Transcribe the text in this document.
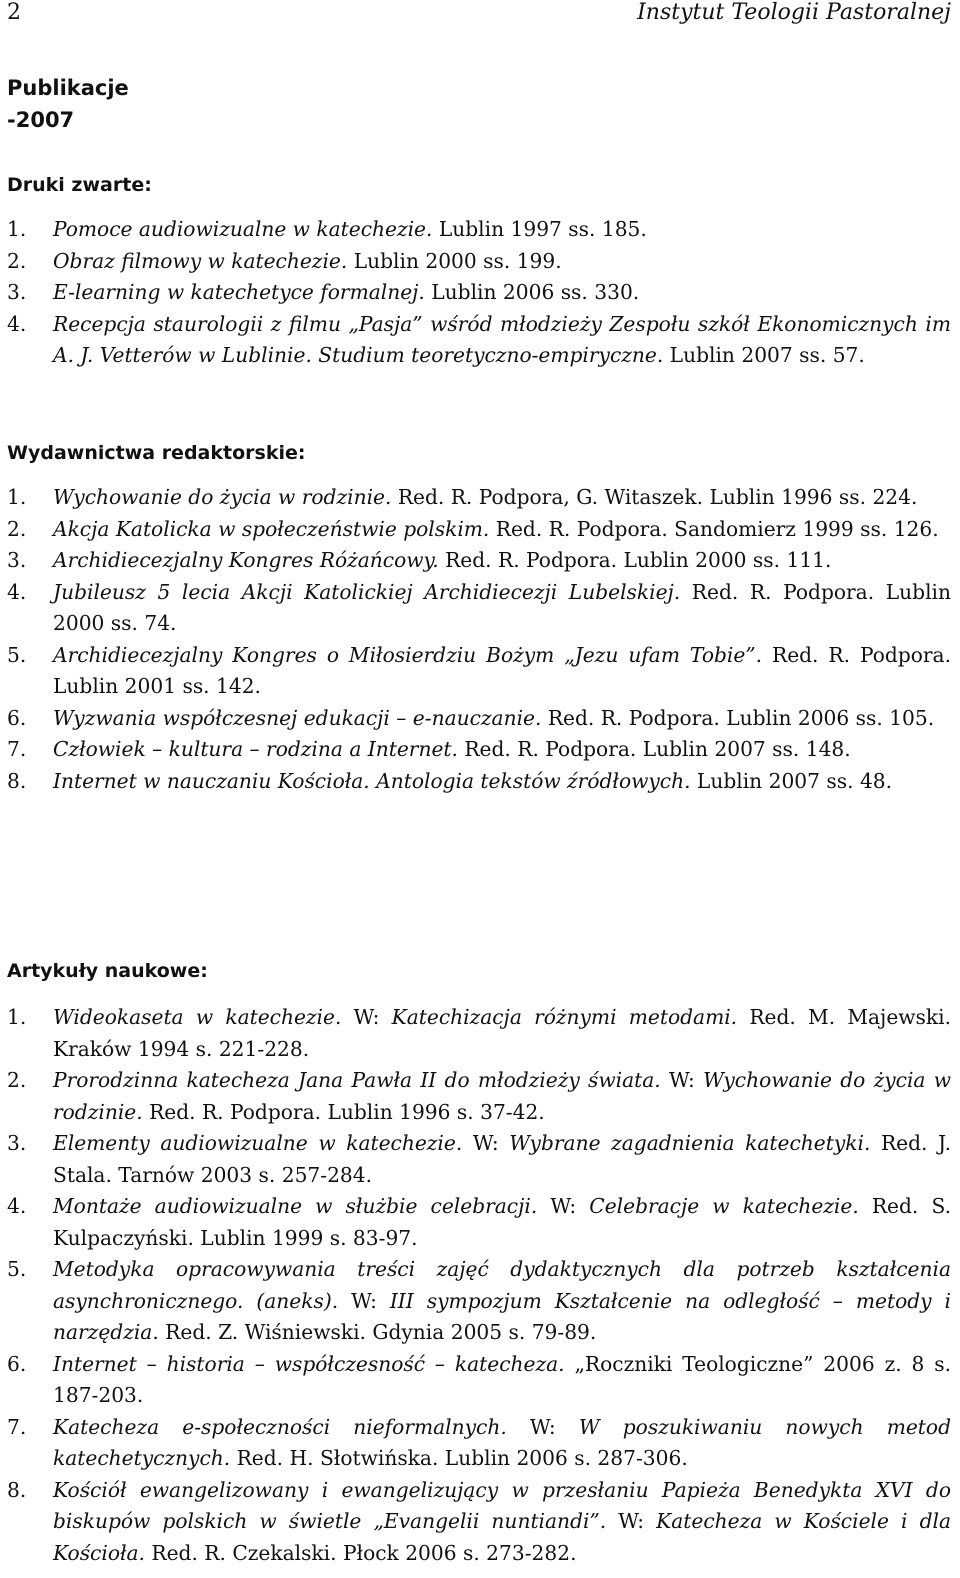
2	Instytut Teologii Pastoralnej
Publikacje
-2007
Druki zwarte:
1.	Pomoce audiowizualne w katechezie. Lublin 1997 ss. 185.
2.	Obraz filmowy w katechezie. Lublin 2000 ss. 199.
3.	E-learning w katechetyce formalnej. Lublin 2006 ss. 330.
4.	Recepcja staurologii z filmu „Pasja” wśród młodzieży Zespołu szkół Ekonomicznych im A. J. Vetterów w Lublinie. Studium teoretyczno-empiryczne. Lublin 2007 ss. 57.
Wydawnictwa redaktorskie:
1.	Wychowanie do życia w rodzinie. Red. R. Podpora, G. Witaszek. Lublin 1996 ss. 224.
2.	Akcja Katolicka w społeczeństwie polskim. Red. R. Podpora. Sandomierz 1999 ss. 126.
3.	Archidiecezjalny Kongres Różańcowy. Red. R. Podpora. Lublin 2000 ss. 111.
4.	Jubileusz 5 lecia Akcji Katolickiej Archidiecezji Lubelskiej. Red. R. Podpora. Lublin 2000 ss. 74.
5.	Archidiecezjalny Kongres o Miłosierdziu Bożym „Jezu ufam Tobie”. Red. R. Podpora. Lublin 2001 ss. 142.
6.	Wyzwania współczesnej edukacji – e-nauczanie. Red. R. Podpora. Lublin 2006 ss. 105.
7.	Człowiek – kultura – rodzina a Internet. Red. R. Podpora. Lublin 2007 ss. 148.
8.	Internet w nauczaniu Kościoła. Antologia tekstów źródłowych. Lublin 2007 ss. 48.
Artykuły naukowe:
1.	Wideokaseta w katechezie. W: Katechizacja różnymi metodami. Red. M. Majewski. Kraków 1994 s. 221-228.
2.	Prorodzinna katecheza Jana Pawła II do młodzieży świata. W: Wychowanie do życia w rodzinie. Red. R. Podpora. Lublin 1996 s. 37-42.
3.	Elementy audiowizualne w katechezie. W: Wybrane zagadnienia katechetyki. Red. J. Stala. Tarnów 2003 s. 257-284.
4.	Montaże audiowizualne w służbie celebracji. W: Celebracje w katechezie. Red. S. Kulpaczyński. Lublin 1999 s. 83-97.
5.	Metodyka opracowywania treści zajęć dydaktycznych dla potrzeb kształcenia asynchronicznego. (aneks). W: III sympozjum Kształcenie na odległość – metody i narzędzia. Red. Z. Wiśniewski. Gdynia 2005 s. 79-89.
6.	Internet – historia – współczesność – katecheza. „Roczniki Teologiczne” 2006 z. 8 s. 187-203.
7.	Katecheza e-społeczności nieformalnych. W: W poszukiwaniu nowych metod katechetycznych. Red. H. Słotwińska. Lublin 2006 s. 287-306.
8.	Kościół ewangelizowany i ewangelizujący w przesłaniu Papieża Benedykta XVI do biskupów polskich w świetle „Evangelii nuntiandi”. W: Katecheza w Kościele i dla Kościoła. Red. R. Czekalski. Płock 2006 s. 273-282.
